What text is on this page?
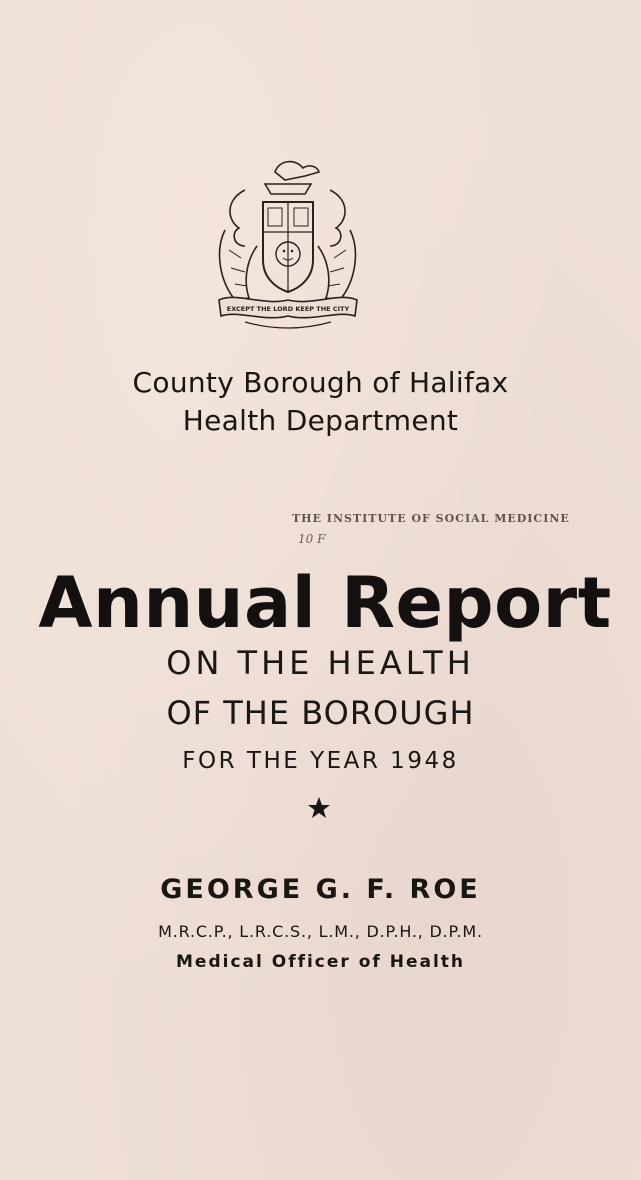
EXCEPT THE LORD KEEP THE CITY
County Borough of Halifax
Health Department
THE INSTITUTE OF SOCIAL MEDICINE
10 F
Annual Report
ON THE HEALTH
OF THE BOROUGH
FOR THE YEAR 1948
GEORGE G. F. ROE
M.R.C.P., L.R.C.S., L.M., D.P.H., D.P.M.
Medical Officer of Health
